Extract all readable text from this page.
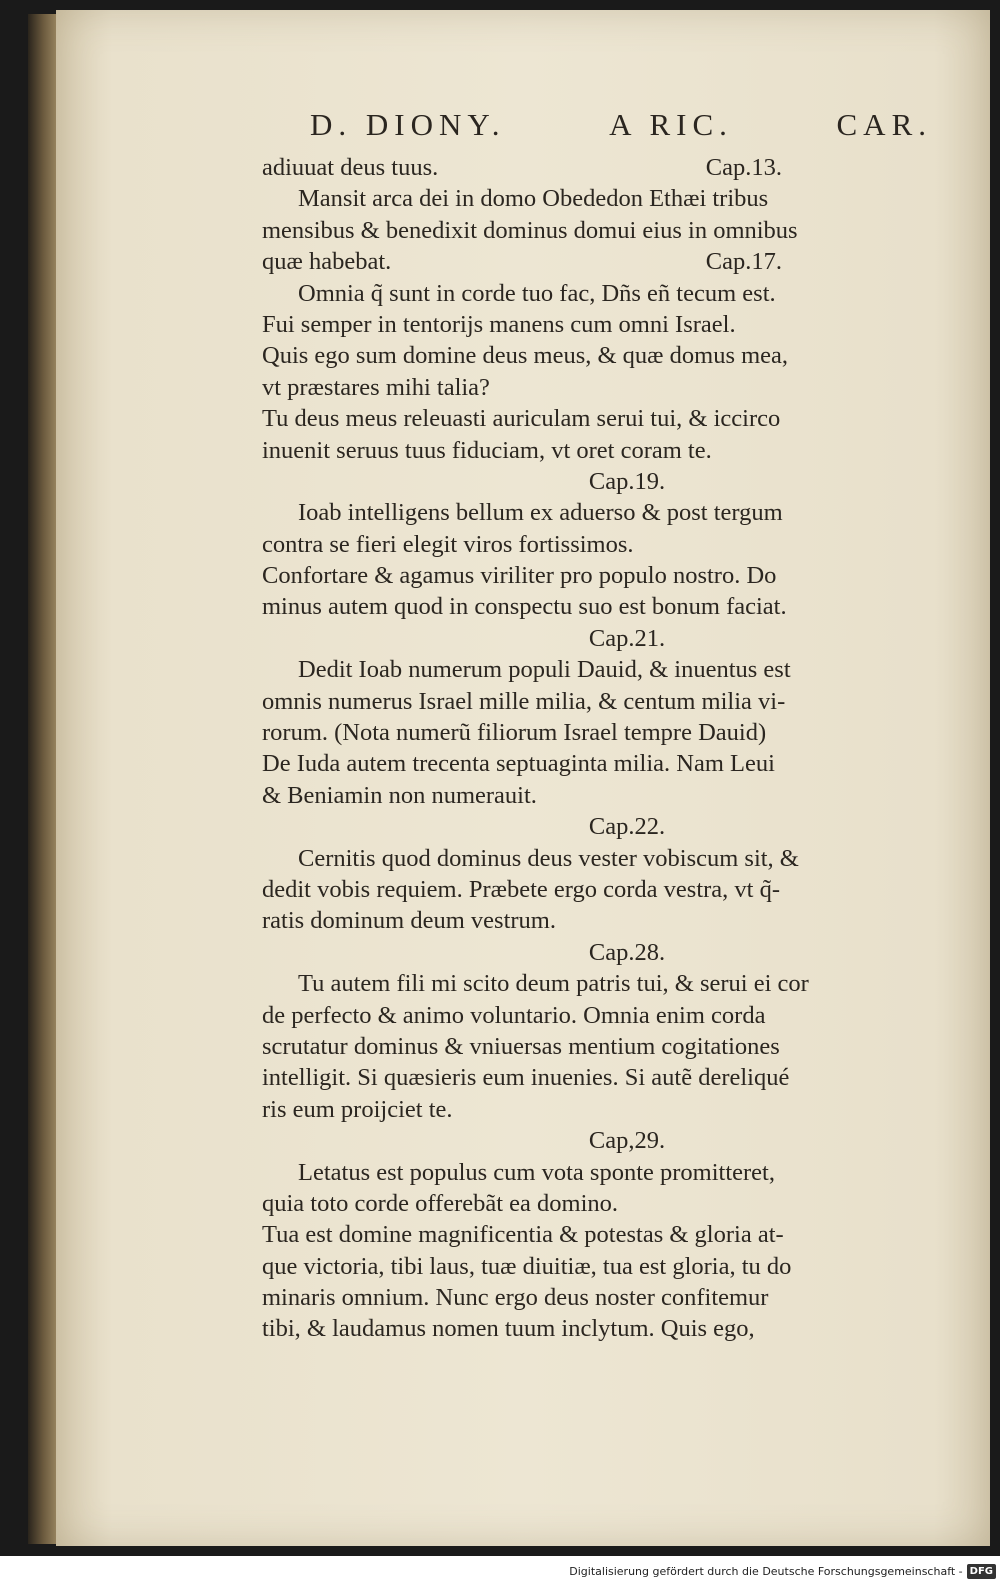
D. DIONY.	A RIC.	CAR.
adiuuat deus tuus.	Cap.13.
Mansit arca dei in domo Obededon Ethæi tribus
mensibus & benedixit dominus domui eius in omnibus
quæ habebat.	Cap.17.
Omnia q̃ sunt in corde tuo fac, Dñs eñ tecum est.
Fui semper in tentorijs manens cum omni Israel.
Quis ego sum domine deus meus, & quæ domus mea,
vt præstares mihi talia?
Tu deus meus releuasti auriculam serui tui, & iccirco
inuenit seruus tuus fiduciam, vt oret coram te.
Cap.19.
Ioab intelligens bellum ex aduerso & post tergum
contra se fieri elegit viros fortissimos.
Confortare & agamus viriliter pro populo nostro. Do
minus autem quod in conspectu suo est bonum faciat.
Cap.21.
Dedit Ioab numerum populi Dauid, & inuentus est
omnis numerus Israel mille milia, & centum milia vi-
rorum. (Nota numerũ filiorum Israel tempre Dauid)
De Iuda autem trecenta septuaginta milia. Nam Leui
& Beniamin non numerauit.
Cap.22.
Cernitis quod dominus deus vester vobiscum sit, &
dedit vobis requiem. Præbete ergo corda vestra, vt q̃-
ratis dominum deum vestrum.
Cap.28.
Tu autem fili mi scito deum patris tui, & serui ei cor
de perfecto & animo voluntario. Omnia enim corda
scrutatur dominus & vniuersas mentium cogitationes
intelligit. Si quæsieris eum inuenies. Si autẽ dereliqué
ris eum proijciet te.
Cap,29.
Letatus est populus cum vota sponte promitteret,
quia toto corde offerebãt ea domino.
Tua est domine magnificentia & potestas & gloria at-
que victoria, tibi laus, tuæ diuitiæ, tua est gloria, tu do
minaris omnium. Nunc ergo deus noster confitemur
tibi, & laudamus nomen tuum inclytum. Quis ego,
Digitalisierung gefördert durch die Deutsche Forschungsgemeinschaft - DFG
